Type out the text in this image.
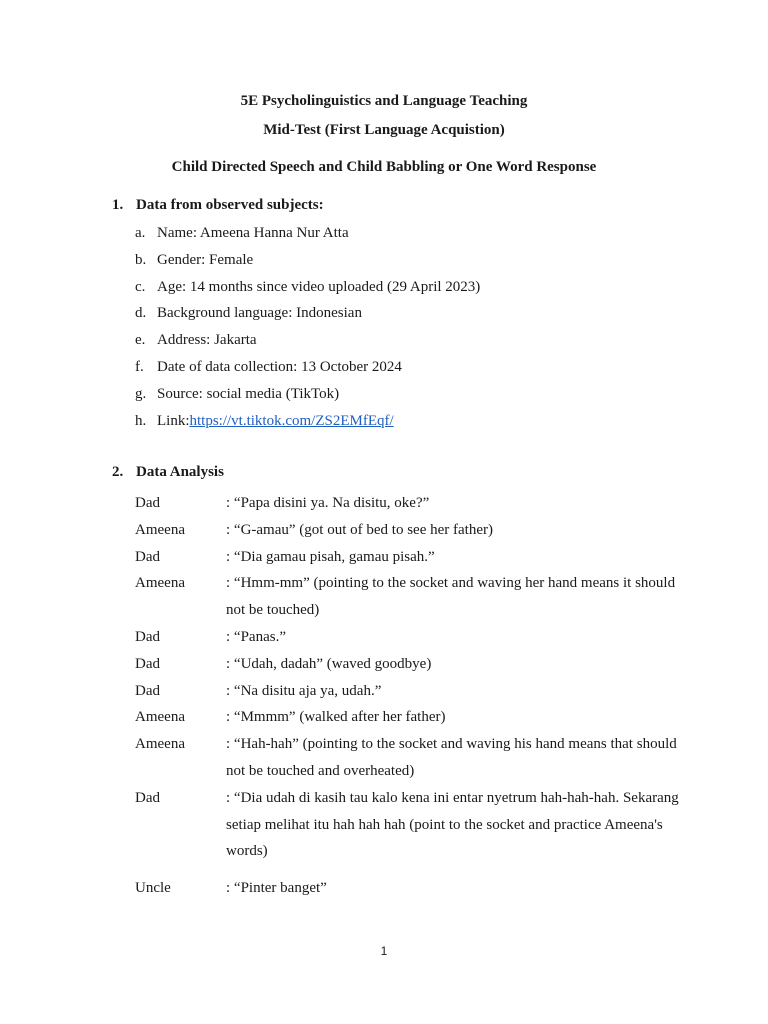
5E Psycholinguistics and Language Teaching

Mid-Test (First Language Acquistion)

Child Directed Speech and Child Babbling or One Word Response

1. Data from observed subjects:
a. Name: Ameena Hanna Nur Atta
b. Gender: Female
c. Age: 14 months since video uploaded (29 April 2023)
d. Background language: Indonesian
e. Address: Jakarta
f. Date of data collection: 13 October 2024
g. Source: social media (TikTok)
h. Link:https://vt.tiktok.com/ZS2EMfEqf/
2. Data Analysis
Dad	: “Papa disini ya. Na disitu, oke?”
Ameena	: “G-amau” (got out of bed to see her father)
Dad	: “Dia gamau pisah, gamau pisah.”
Ameena	: “Hmm-mm” (pointing to the socket and waving her hand means it should not be touched)
Dad	: “Panas.”
Dad	: “Udah, dadah” (waved goodbye)
Dad	: “Na disitu aja ya, udah.”
Ameena	: “Mmmm” (walked after her father)
Ameena	: “Hah-hah” (pointing to the socket and waving his hand means that should not be touched and overheated)
Dad	: “Dia udah di kasih tau kalo kena ini entar nyetrum hah-hah-hah. Sekarang setiap melihat itu hah hah hah (point to the socket and practice Ameena's words)
Uncle	: “Pinter banget”
1
